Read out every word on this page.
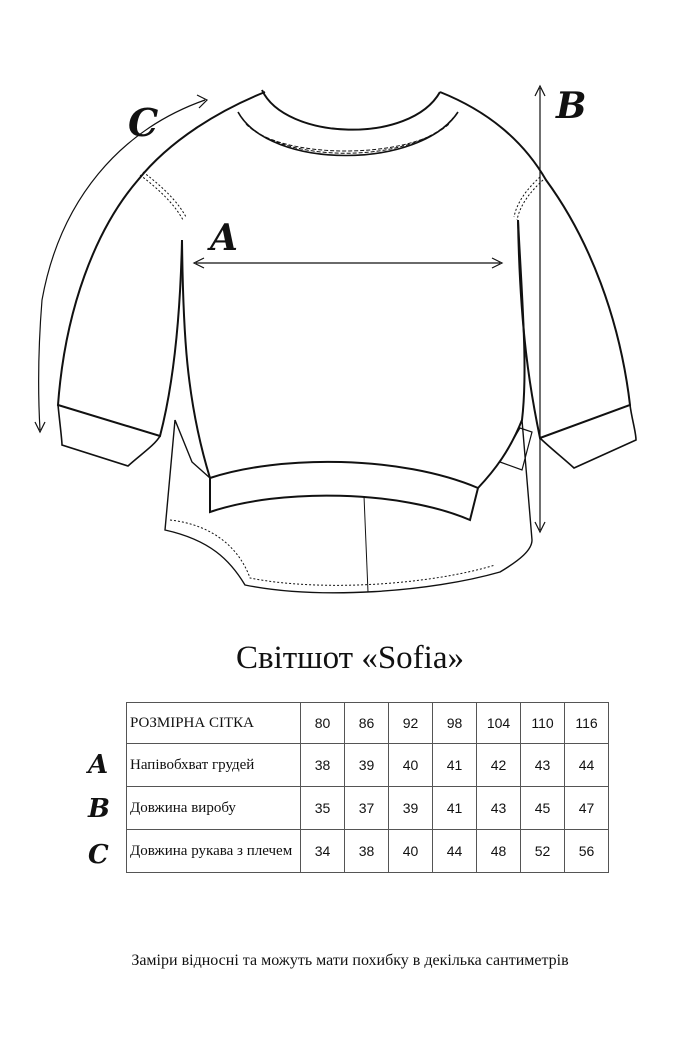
A
B
C
Світшот «Sofia»
РОЗМІРНА СІТКА	80	86	92	98	104	110	116
Напівобхват грудей	38	39	40	41	42	43	44
Довжина виробу	35	37	39	41	43	45	47
Довжина рукава з плечем	34	38	40	44	48	52	56
A
B
C
Заміри відносні та можуть мати похибку в декілька сантиметрів
